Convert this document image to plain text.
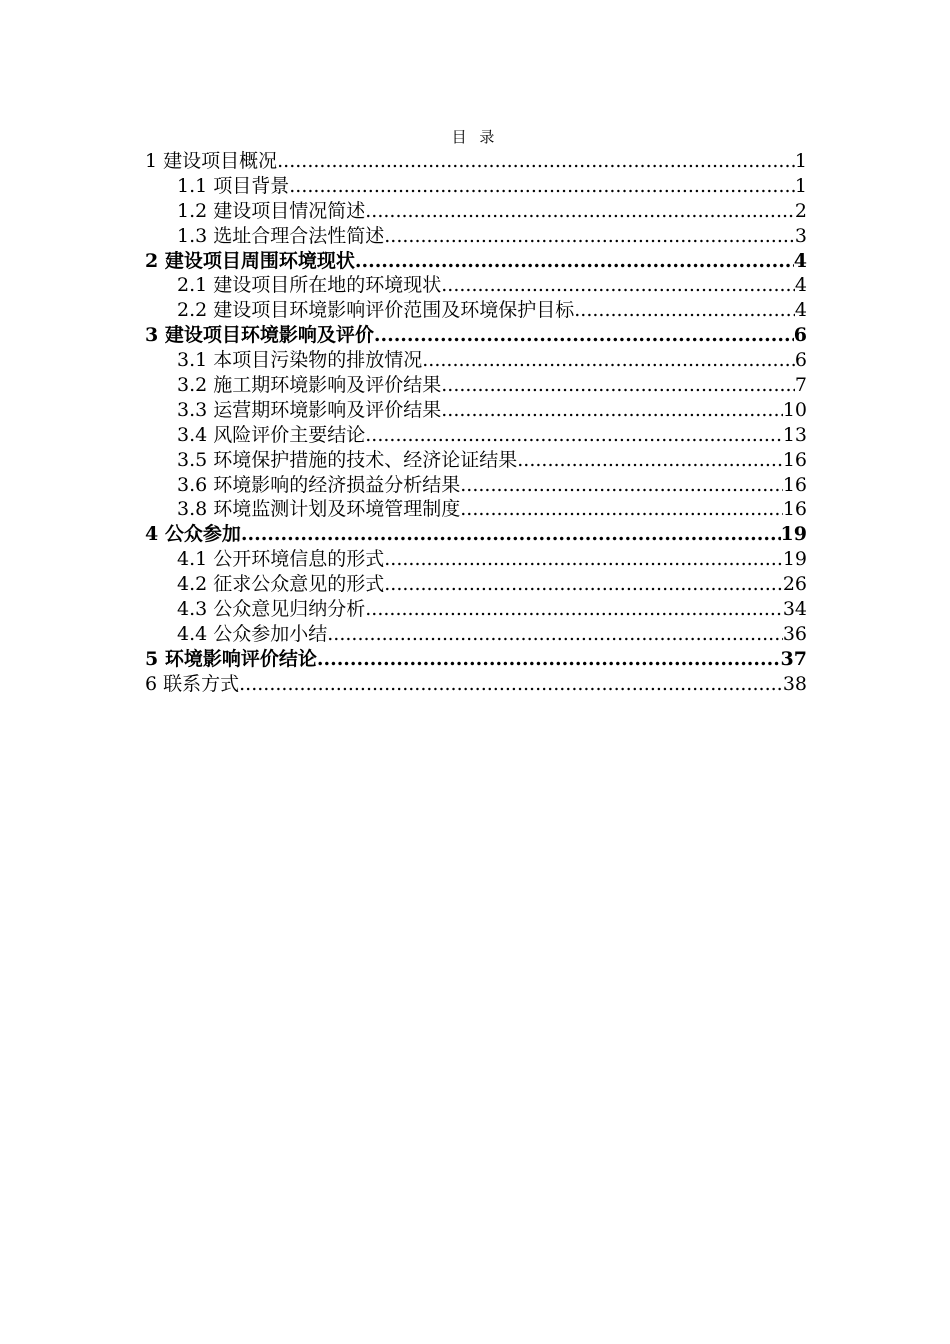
目 录
1 建设项目概况 .....	1
1.1 项目背景 .....	1
1.2 建设项目情况简述 .....	2
1.3 选址合理合法性简述 .....	3
2 建设项目周围环境现状 .....	4
2.1 建设项目所在地的环境现状 .....	4
2.2 建设项目环境影响评价范围及环境保护目标 .....	4
3 建设项目环境影响及评价 .....	6
3.1 本项目污染物的排放情况 .....	6
3.2 施工期环境影响及评价结果 .....	7
3.3 运营期环境影响及评价结果 .....	10
3.4 风险评价主要结论 .....	13
3.5 环境保护措施的技术、经济论证结果 .....	16
3.6 环境影响的经济损益分析结果 .....	16
3.8 环境监测计划及环境管理制度 .....	16
4 公众参加 .....	19
4.1 公开环境信息的形式 .....	19
4.2 征求公众意见的形式 .....	26
4.3 公众意见归纳分析 .....	34
4.4 公众参加小结 .....	36
5 环境影响评价结论 .....	37
6 联系方式 .....	38
